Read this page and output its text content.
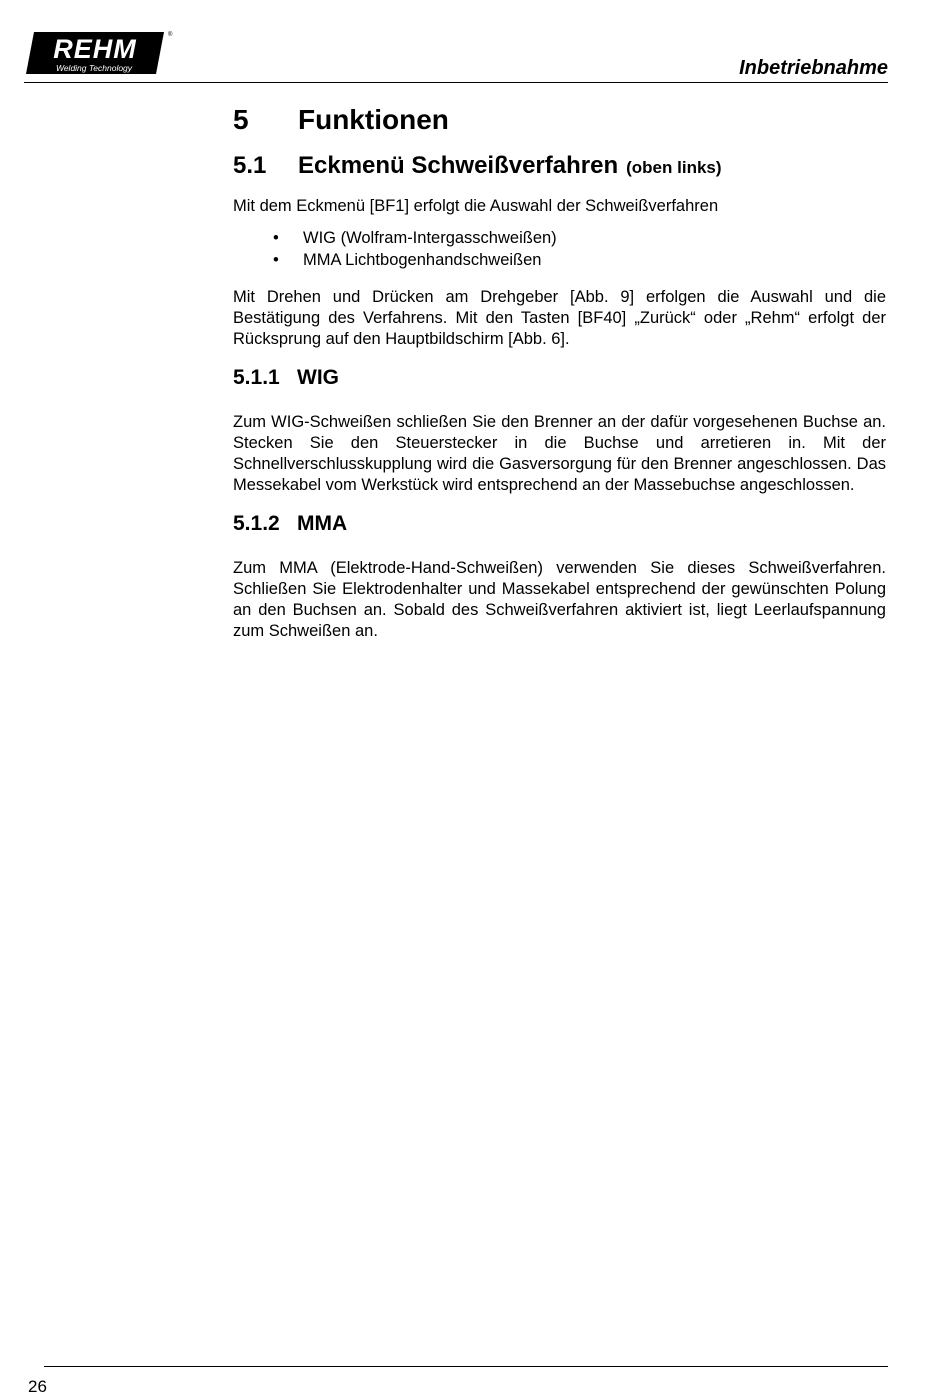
REHM
Welding Technology
®
Inbetriebnahme
5	Funktionen
5.1	Eckmenü Schweißverfahren (oben links)

Mit dem Eckmenü [BF1] erfolgt die Auswahl der Schweißverfahren

•	WIG (Wolfram-Intergasschweißen)
•	MMA Lichtbogenhandschweißen

Mit Drehen und Drücken am Drehgeber [Abb. 9] erfolgen die Auswahl und die Bestätigung des Verfahrens. Mit den Tasten [BF40] „Zurück“ oder „Rehm“ erfolgt der Rücksprung auf den Hauptbildschirm [Abb. 6].

5.1.1 WIG

Zum WIG-Schweißen schließen Sie den Brenner an der dafür vorgesehenen Buchse an. Stecken Sie den Steuerstecker in die Buchse und arretieren in. Mit der Schnellverschlusskupplung wird die Gasversorgung für den Brenner angeschlossen. Das Messekabel vom Werkstück wird entsprechend an der Massebuchse angeschlossen.

5.1.2 MMA

Zum MMA (Elektrode-Hand-Schweißen) verwenden Sie dieses Schweißverfahren. Schließen Sie Elektrodenhalter und Massekabel entsprechend der gewünschten Polung an den Buchsen an. Sobald des Schweißverfahren aktiviert ist, liegt Leerlaufspannung zum Schweißen an.

26
